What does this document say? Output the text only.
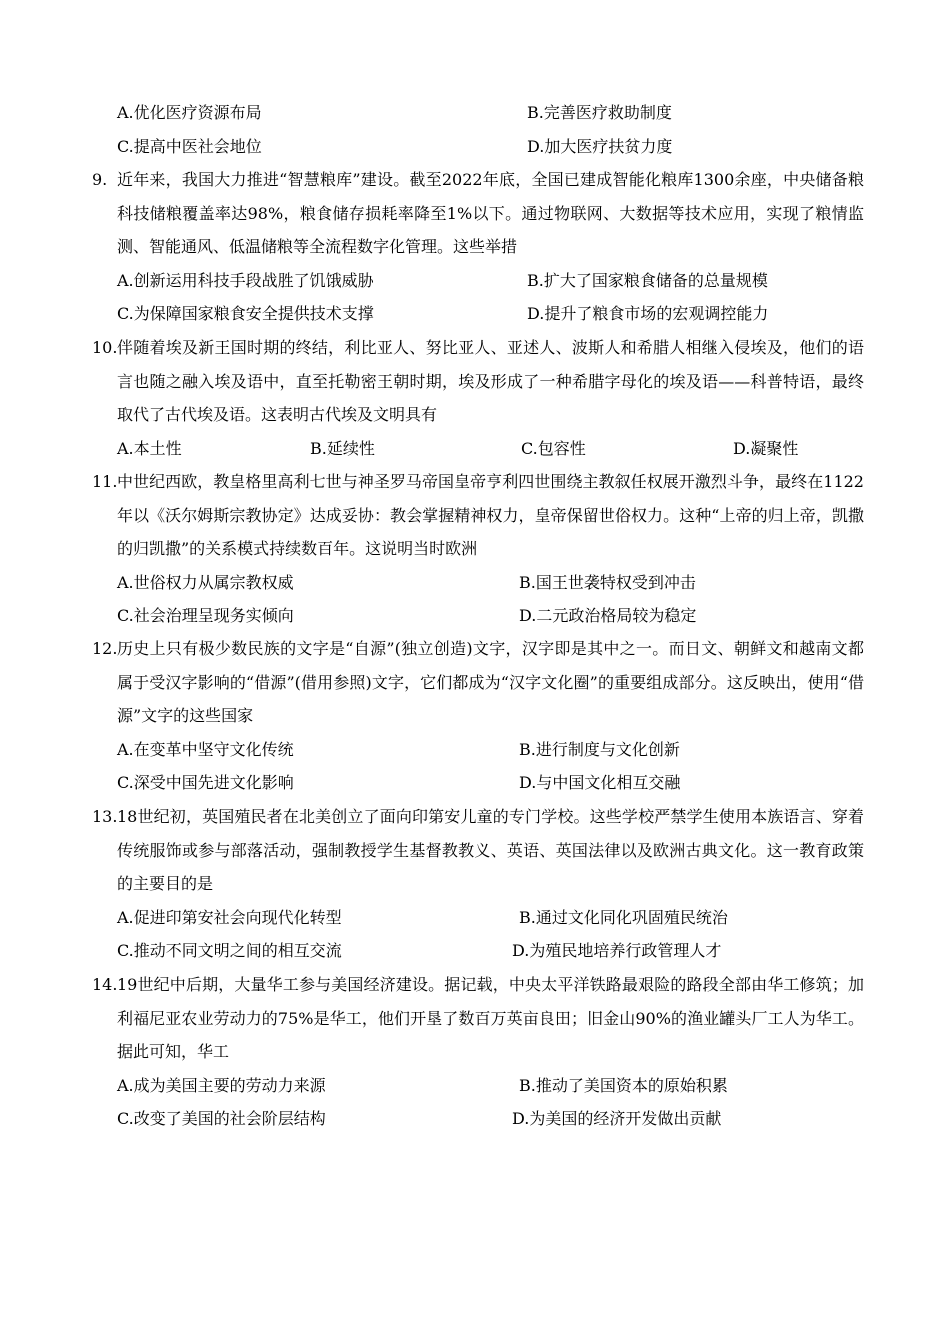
A.优化医疗资源布局	B.完善医疗救助制度
C.提高中医社会地位	D.加大医疗扶贫力度
9. 近年来，我国大力推进“智慧粮库”建设。截至2022年底，全国已建成智能化粮库1300余座，中央储备粮科技储粮覆盖率达98%，粮食储存损耗率降至1%以下。通过物联网、大数据等技术应用，实现了粮情监测、智能通风、低温储粮等全流程数字化管理。这些举措
A.创新运用科技手段战胜了饥饿威胁	B.扩大了国家粮食储备的总量规模
C.为保障国家粮食安全提供技术支撑	D.提升了粮食市场的宏观调控能力
10. 伴随着埃及新王国时期的终结，利比亚人、努比亚人、亚述人、波斯人和希腊人相继入侵埃及，他们的语言也随之融入埃及语中，直至托勒密王朝时期，埃及形成了一种希腊字母化的埃及语——科普特语，最终取代了古代埃及语。这表明古代埃及文明具有
A.本土性	B.延续性	C.包容性	D.凝聚性
11. 中世纪西欧，教皇格里高利七世与神圣罗马帝国皇帝亨利四世围绕主教叙任权展开激烈斗争，最终在1122年以《沃尔姆斯宗教协定》达成妥协：教会掌握精神权力，皇帝保留世俗权力。这种“上帝的归上帝，凯撒的归凯撒”的关系模式持续数百年。这说明当时欧洲
A.世俗权力从属宗教权威	B.国王世袭特权受到冲击
C.社会治理呈现务实倾向	D.二元政治格局较为稳定
12. 历史上只有极少数民族的文字是“自源”(独立创造)文字，汉字即是其中之一。而日文、朝鲜文和越南文都属于受汉字影响的“借源”(借用参照)文字，它们都成为“汉字文化圈”的重要组成部分。这反映出，使用“借源”文字的这些国家
A.在变革中坚守文化传统	B.进行制度与文化创新
C.深受中国先进文化影响	D.与中国文化相互交融
13. 18世纪初，英国殖民者在北美创立了面向印第安儿童的专门学校。这些学校严禁学生使用本族语言、穿着传统服饰或参与部落活动，强制教授学生基督教教义、英语、英国法律以及欧洲古典文化。这一教育政策的主要目的是
A.促进印第安社会向现代化转型	B.通过文化同化巩固殖民统治
C.推动不同文明之间的相互交流	D.为殖民地培养行政管理人才
14. 19世纪中后期，大量华工参与美国经济建设。据记载，中央太平洋铁路最艰险的路段全部由华工修筑；加利福尼亚农业劳动力的75%是华工，他们开垦了数百万英亩良田；旧金山90%的渔业罐头厂工人为华工。据此可知，华工
A.成为美国主要的劳动力来源	B.推动了美国资本的原始积累
C.改变了美国的社会阶层结构	D.为美国的经济开发做出贡献
